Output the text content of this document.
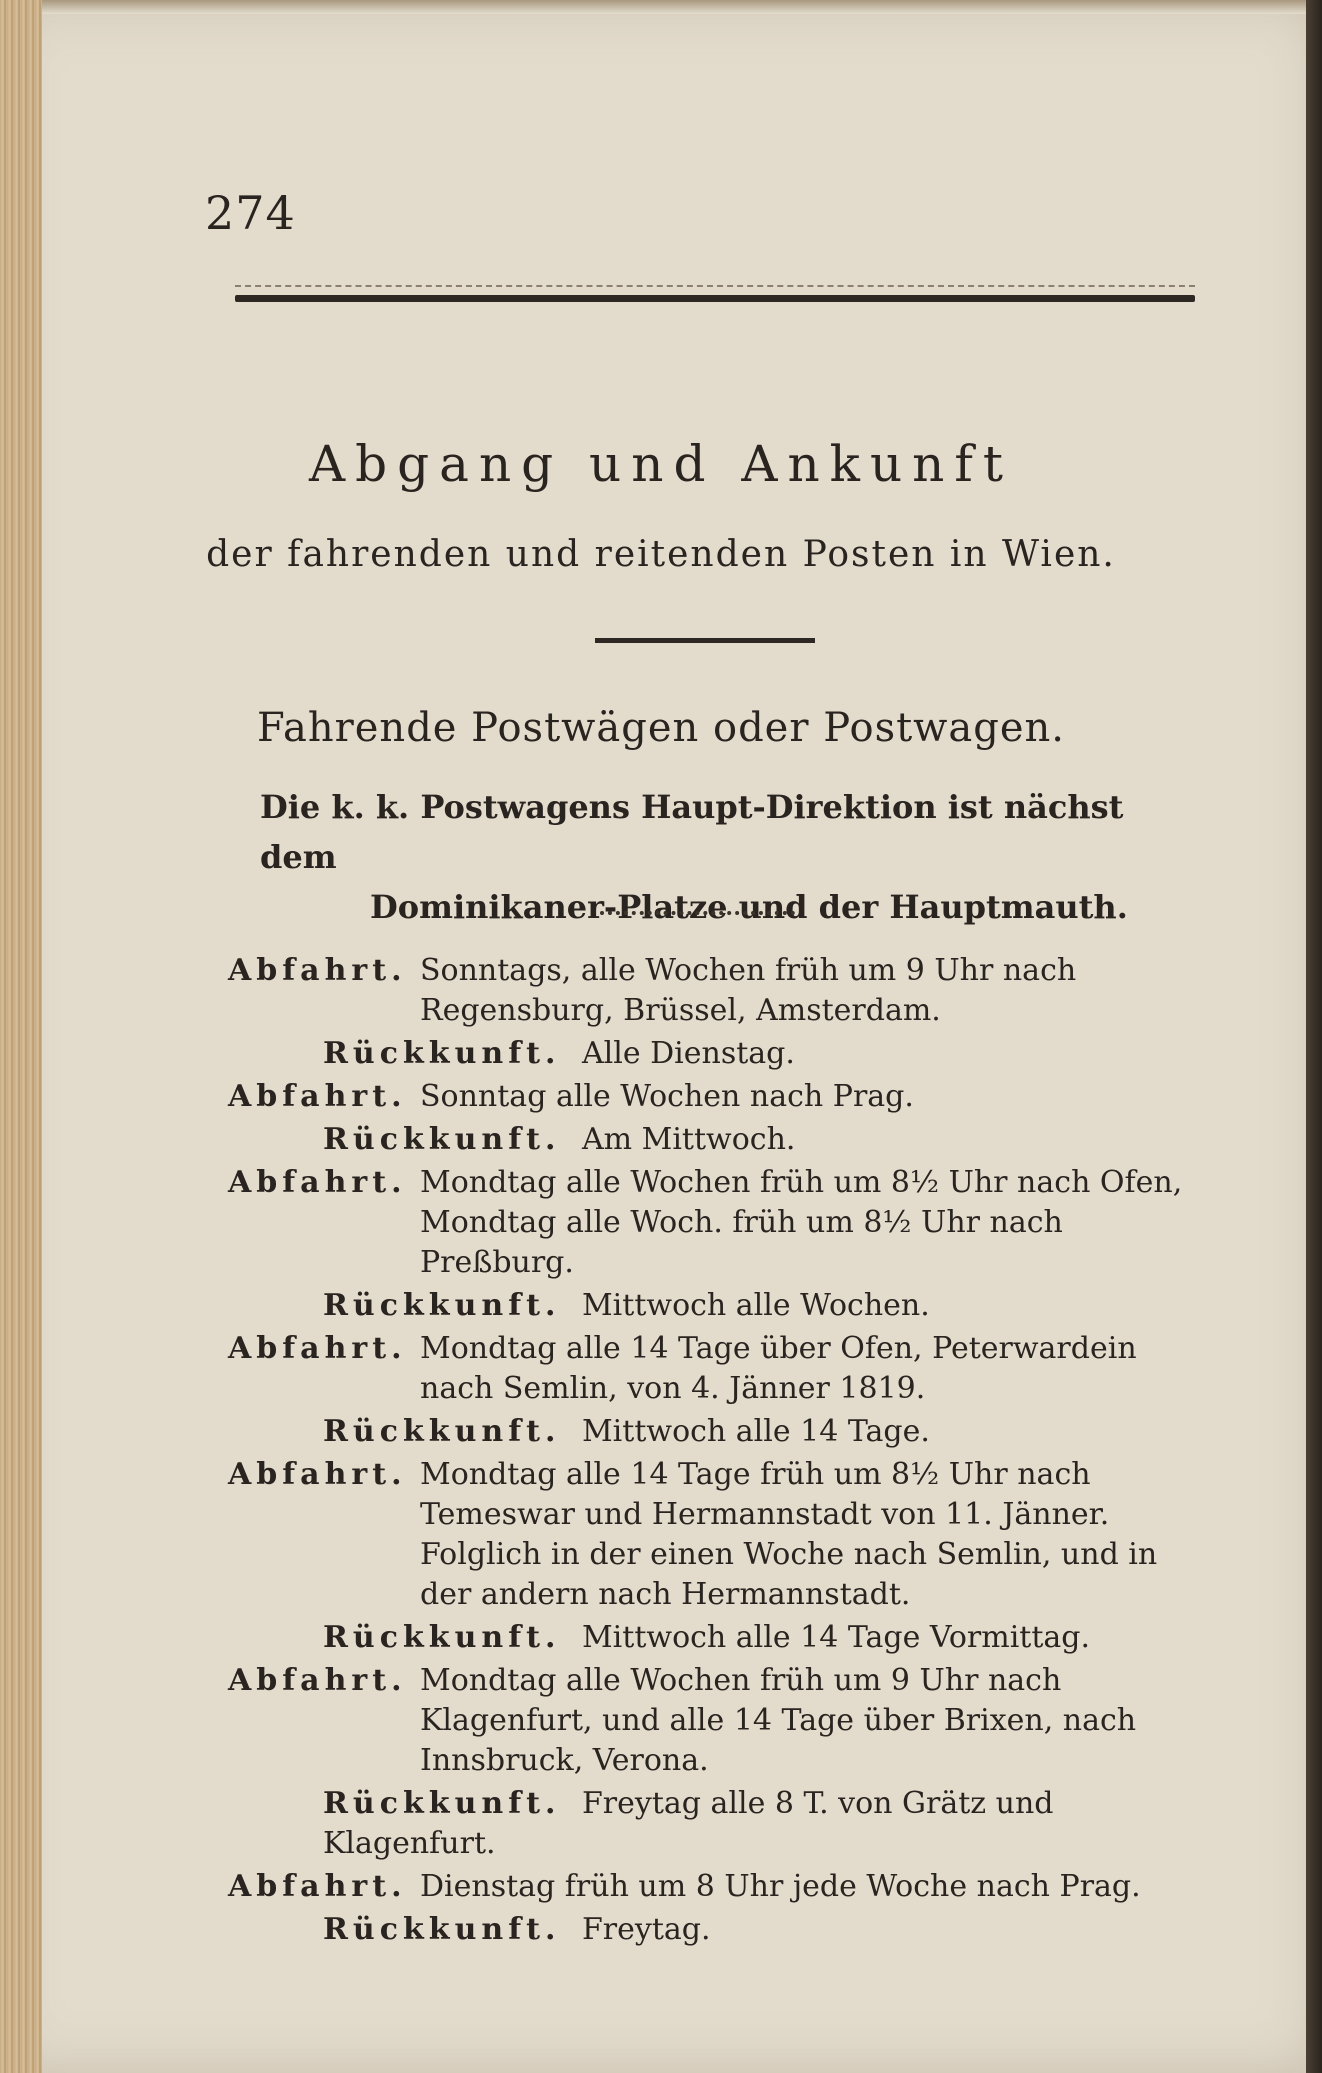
274
Abgang und Ankunft
der fahrenden und reitenden Posten in Wien.
Fahrende Postwägen oder Postwagen.
Die k. k. Postwagens Haupt-Direktion ist nächst dem
Dominikaner-Platze und der Hauptmauth.
Abfahrt. Sonntags, alle Wochen früh um 9 Uhr nach Regensburg, Brüssel, Amsterdam.
Rückkunft. Alle Dienstag.
Abfahrt. Sonntag alle Wochen nach Prag.
Rückkunft. Am Mittwoch.
Abfahrt. Mondtag alle Wochen früh um 8½ Uhr nach Ofen, Mondtag alle Woch. früh um 8½ Uhr nach Preßburg.
Rückkunft. Mittwoch alle Wochen.
Abfahrt. Mondtag alle 14 Tage über Ofen, Peterwardein nach Semlin, von 4. Jänner 1819.
Rückkunft. Mittwoch alle 14 Tage.
Abfahrt. Mondtag alle 14 Tage früh um 8½ Uhr nach Temeswar und Hermannstadt von 11. Jänner. Folglich in der einen Woche nach Semlin, und in der andern nach Hermannstadt.
Rückkunft. Mittwoch alle 14 Tage Vormittag.
Abfahrt. Mondtag alle Wochen früh um 9 Uhr nach Klagenfurt, und alle 14 Tage über Brixen, nach Innsbruck, Verona.
Rückkunft. Freytag alle 8 T. von Grätz und Klagenfurt.
Abfahrt. Dienstag früh um 8 Uhr jede Woche nach Prag.
Rückkunft. Freytag.
